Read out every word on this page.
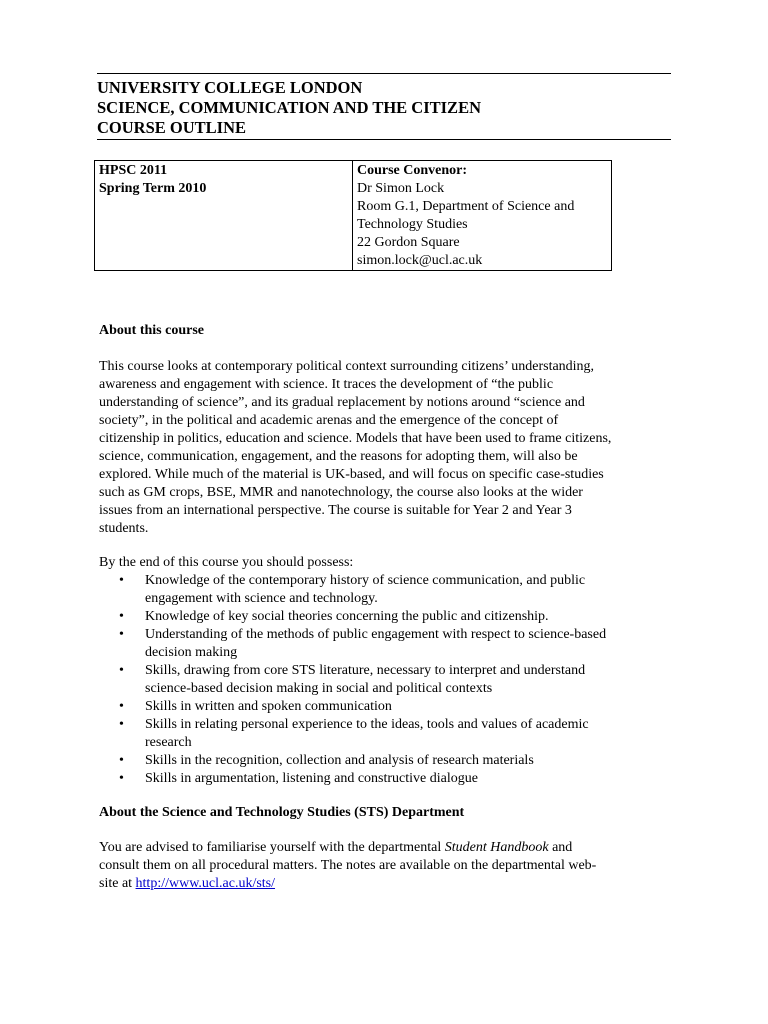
UNIVERSITY COLLEGE LONDON
SCIENCE, COMMUNICATION AND THE CITIZEN
COURSE OUTLINE
HPSC 2011
Spring Term 2010

Course Convenor:
Dr Simon Lock
Room G.1, Department of Science and
Technology Studies
22 Gordon Square
simon.lock@ucl.ac.uk
About this course
This course looks at contemporary political context surrounding citizens’ understanding,
awareness and engagement with science. It traces the development of “the public
understanding of science”, and its gradual replacement by notions around “science and
society”, in the political and academic arenas and the emergence of the concept of
citizenship in politics, education and science. Models that have been used to frame citizens,
science, communication, engagement, and the reasons for adopting them, will also be
explored. While much of the material is UK-based, and will focus on specific case-studies
such as GM crops, BSE, MMR and nanotechnology, the course also looks at the wider
issues from an international perspective. The course is suitable for Year 2 and Year 3
students.
By the end of this course you should possess:
• Knowledge of the contemporary history of science communication, and public
engagement with science and technology.
• Knowledge of key social theories concerning the public and citizenship.
• Understanding of the methods of public engagement with respect to science-based
decision making
• Skills, drawing from core STS literature, necessary to interpret and understand
science-based decision making in social and political contexts
• Skills in written and spoken communication
• Skills in relating personal experience to the ideas, tools and values of academic
research
• Skills in the recognition, collection and analysis of research materials
• Skills in argumentation, listening and constructive dialogue
About the Science and Technology Studies (STS) Department
You are advised to familiarise yourself with the departmental Student Handbook and
consult them on all procedural matters. The notes are available on the departmental web-
site at http://www.ucl.ac.uk/sts/
